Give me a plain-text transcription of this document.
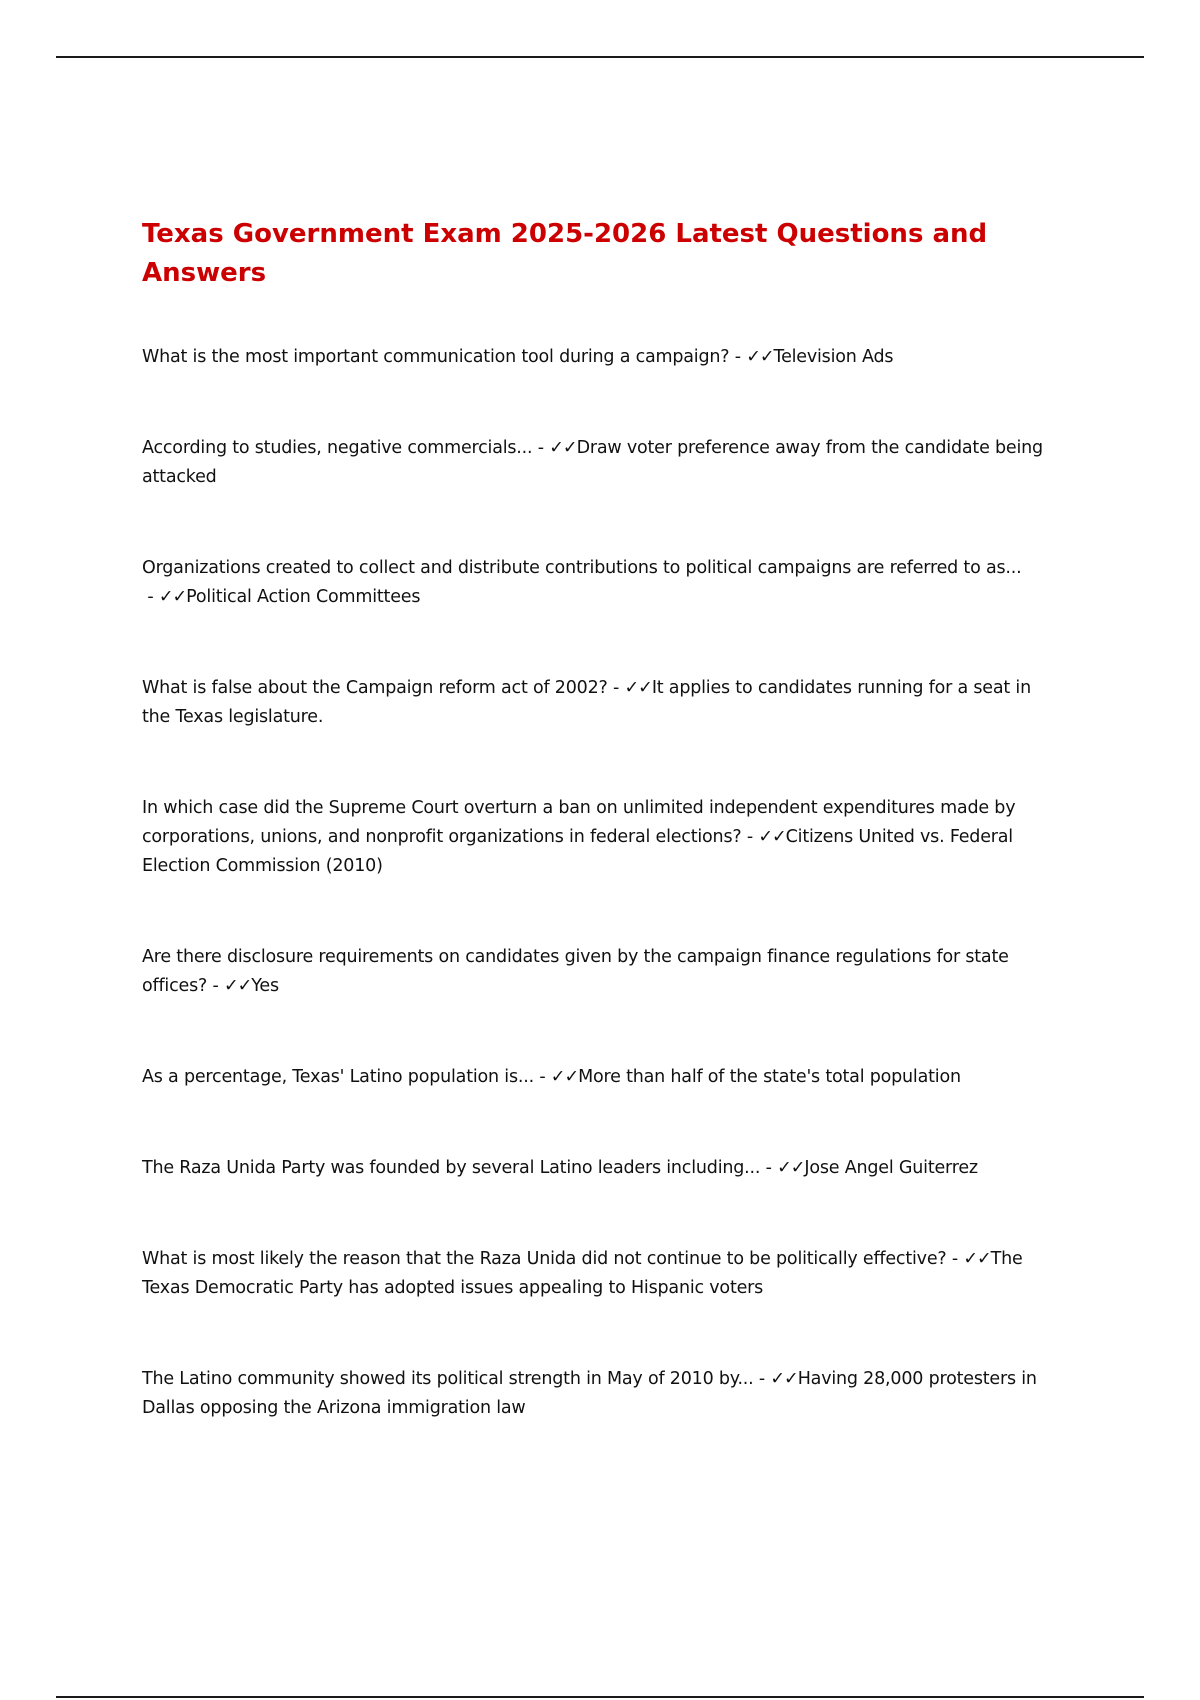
Texas Government Exam 2025-2026 Latest Questions and Answers
What is the most important communication tool during a campaign? - ✓✓Television Ads
According to studies, negative commercials... - ✓✓Draw voter preference away from the candidate being attacked
Organizations created to collect and distribute contributions to political campaigns are referred to as... - ✓✓Political Action Committees
What is false about the Campaign reform act of 2002? - ✓✓It applies to candidates running for a seat in the Texas legislature.
In which case did the Supreme Court overturn a ban on unlimited independent expenditures made by corporations, unions, and nonprofit organizations in federal elections? - ✓✓Citizens United vs. Federal Election Commission (2010)
Are there disclosure requirements on candidates given by the campaign finance regulations for state offices? - ✓✓Yes
As a percentage, Texas' Latino population is... - ✓✓More than half of the state's total population
The Raza Unida Party was founded by several Latino leaders including... - ✓✓Jose Angel Guiterrez
What is most likely the reason that the Raza Unida did not continue to be politically effective? - ✓✓The Texas Democratic Party has adopted issues appealing to Hispanic voters
The Latino community showed its political strength in May of 2010 by... - ✓✓Having 28,000 protesters in Dallas opposing the Arizona immigration law
